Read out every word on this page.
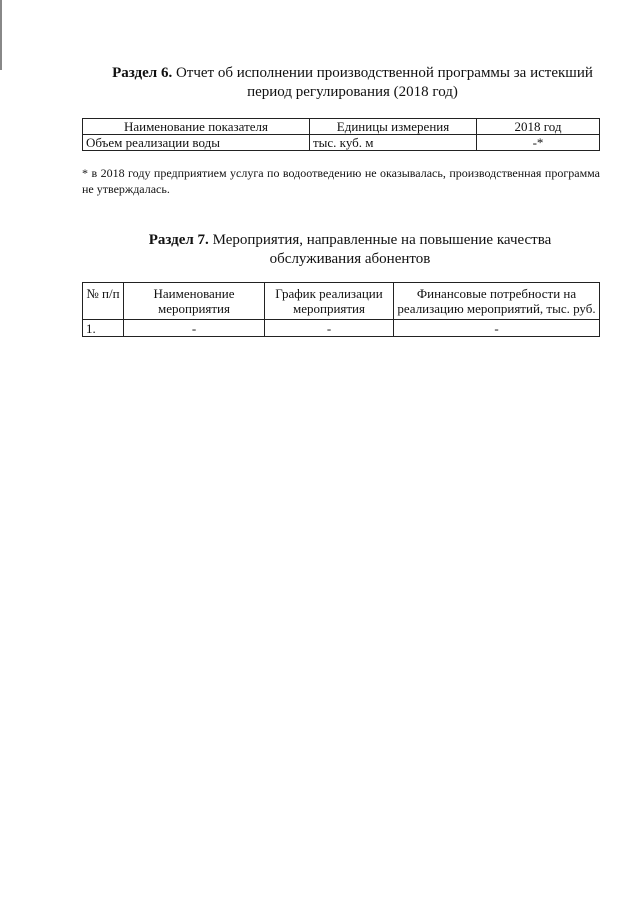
Раздел 6. Отчет об исполнении производственной программы за истекший
период регулирования (2018 год)
Наименование показателя	Единицы измерения	2018 год
Объем реализации воды	тыс. куб. м	-*
* в 2018 году предприятием услуга по водоотведению не оказывалась, производственная программа не утверждалась.
Раздел 7. Мероприятия, направленные на повышение качества
обслуживания абонентов
№ п/п	Наименование мероприятия	График реализации мероприятия	Финансовые потребности на реализацию мероприятий, тыс. руб.
1.	-	-	-
